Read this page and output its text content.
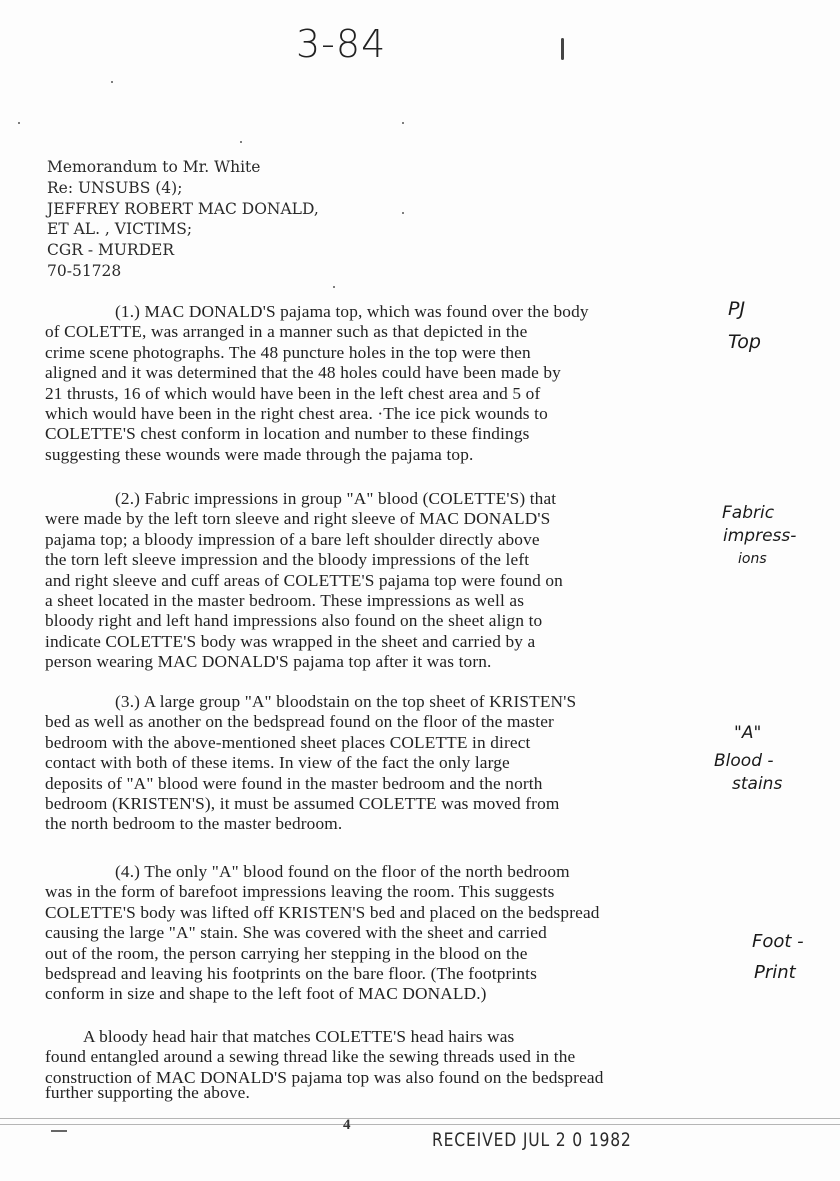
3-84
Memorandum to Mr. White
Re: UNSUBS (4);
JEFFREY ROBERT MAC DONALD,
ET AL. , VICTIMS;
CGR - MURDER
70-51728
(1.) MAC DONALD'S pajama top, which was found over the body
of COLETTE, was arranged in a manner such as that depicted in the
crime scene photographs. The 48 puncture holes in the top were then
aligned and it was determined that the 48 holes could have been made by
21 thrusts, 16 of which would have been in the left chest area and 5 of
which would have been in the right chest area. ·The ice pick wounds to
COLETTE'S chest conform in location and number to these findings
suggesting these wounds were made through the pajama top.
(2.) Fabric impressions in group "A" blood (COLETTE'S) that
were made by the left torn sleeve and right sleeve of MAC DONALD'S
pajama top; a bloody impression of a bare left shoulder directly above
the torn left sleeve impression and the bloody impressions of the left
and right sleeve and cuff areas of COLETTE'S pajama top were found on
a sheet located in the master bedroom. These impressions as well as
bloody right and left hand impressions also found on the sheet align to
indicate COLETTE'S body was wrapped in the sheet and carried by a
person wearing MAC DONALD'S pajama top after it was torn.
(3.) A large group "A" bloodstain on the top sheet of KRISTEN'S
bed as well as another on the bedspread found on the floor of the master
bedroom with the above-mentioned sheet places COLETTE in direct
contact with both of these items. In view of the fact the only large
deposits of "A" blood were found in the master bedroom and the north
bedroom (KRISTEN'S), it must be assumed COLETTE was moved from
the north bedroom to the master bedroom.
(4.) The only "A" blood found on the floor of the north bedroom
was in the form of barefoot impressions leaving the room. This suggests
COLETTE'S body was lifted off KRISTEN'S bed and placed on the bedspread
causing the large "A" stain. She was covered with the sheet and carried
out of the room, the person carrying her stepping in the blood on the
bedspread and leaving his footprints on the bare floor. (The footprints
conform in size and shape to the left foot of MAC DONALD.)
A bloody head hair that matches COLETTE'S head hairs was
found entangled around a sewing thread like the sewing threads used in the
construction of MAC DONALD'S pajama top was also found on the bedspread
further supporting the above.
PJ
Top
Fabric
impress-
ions
"A"
Blood -
stains
Foot -
Print
4
RECEIVED JUL 2 0 1982
